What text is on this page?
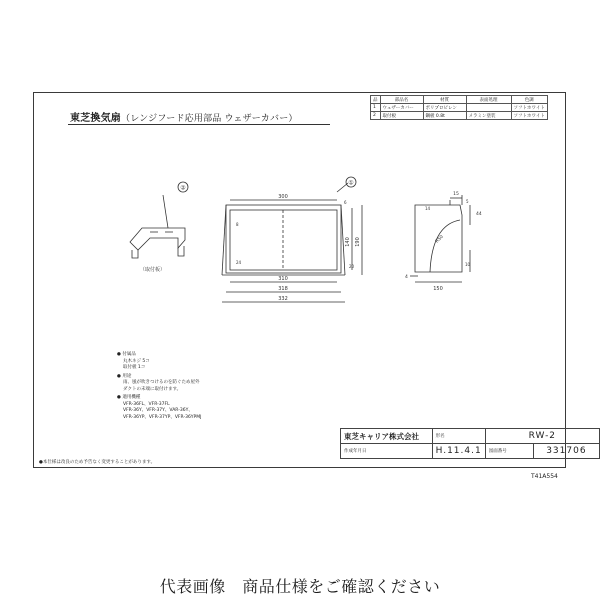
東芝換気扇（レンジフード応用部品 ウェザーカバー）
品	部品名	材質	表面処理	色調
1	ウェザーカバー	ポリプロピレン		ソフトホワイト
2	取付板	鋼板 0.8t	メラミン塗装	ソフトホワイト
②
①
（取付板）
300
140 190
310
318
332
6
8
20
24
15
5
44
R50
14
10
4
150
● 付属品
丸木ネジ 5コ
取付板 1コ
● 用途
雨、風が吹きつけるのを防ぐため屋外
ダクトの末端に取付けます。
● 適用機種
VFR-36FL、VFR-37FL
VFR-36Y、VFR-37Y、VAR-36Y、
VFR-36YP、VFR-37YP、VFR-36YPMJ
東芝キャリア株式会社	形名	RW-2	
作成年月日	H.11.4.1	図面番号	331706
●本仕様は改良のため予告なく変更することがあります。
T41A554
代表画像　商品仕様をご確認ください
